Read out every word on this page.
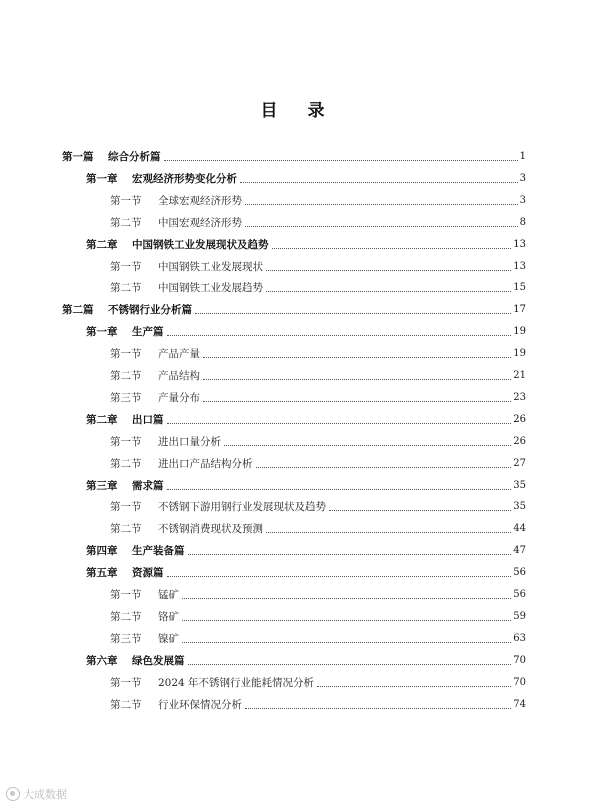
目 录
第一篇	综合分析篇	1
第一章	宏观经济形势变化分析	3
第一节	全球宏观经济形势	3
第二节	中国宏观经济形势	8
第二章	中国钢铁工业发展现状及趋势	13
第一节	中国钢铁工业发展现状	13
第二节	中国钢铁工业发展趋势	15
第二篇	不锈钢行业分析篇	17
第一章	生产篇	19
第一节	产品产量	19
第二节	产品结构	21
第三节	产量分布	23
第二章	出口篇	26
第一节	进出口量分析	26
第二节	进出口产品结构分析	27
第三章	需求篇	35
第一节	不锈钢下游用钢行业发展现状及趋势	35
第二节	不锈钢消费现状及预测	44
第四章	生产装备篇	47
第五章	资源篇	56
第一节	锰矿	56
第二节	铬矿	59
第三节	镍矿	63
第六章	绿色发展篇	70
第一节	2024 年不锈钢行业能耗情况分析	70
第二节	行业环保情况分析	74
大成数据
